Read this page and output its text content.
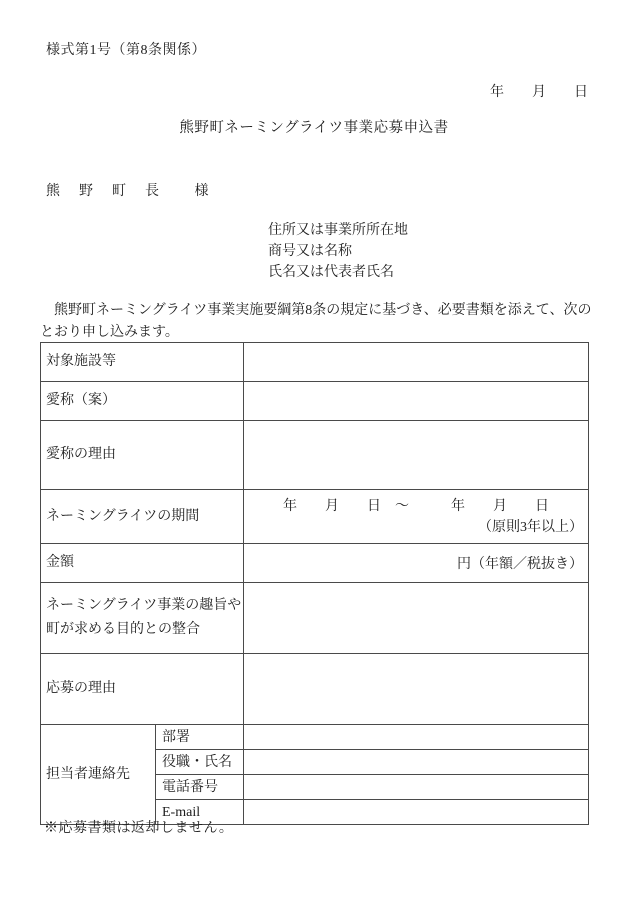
様式第1号（第8条関係）
年　　月　　日
熊野町ネーミングライツ事業応募申込書
熊　野　町　長　　様
住所又は事業所所在地
商号又は名称
氏名又は代表者氏名
　熊野町ネーミングライツ事業実施要綱第8条の規定に基づき、必要書類を添えて、次の
とおり申し込みます。
対象施設等		
愛称（案）		
愛称の理由		
ネーミングライツの期間		年　　月　　日　～　　　年　　月　　日
（原則3年以上）

金額		円（年額／税抜き）
ネーミングライツ事業の趣旨や町が求める目的との整合		
応募の理由		
担当者連絡先	部署	
	役職・氏名	
	電話番号	
	E-mail	
※応募書類は返却しません。
